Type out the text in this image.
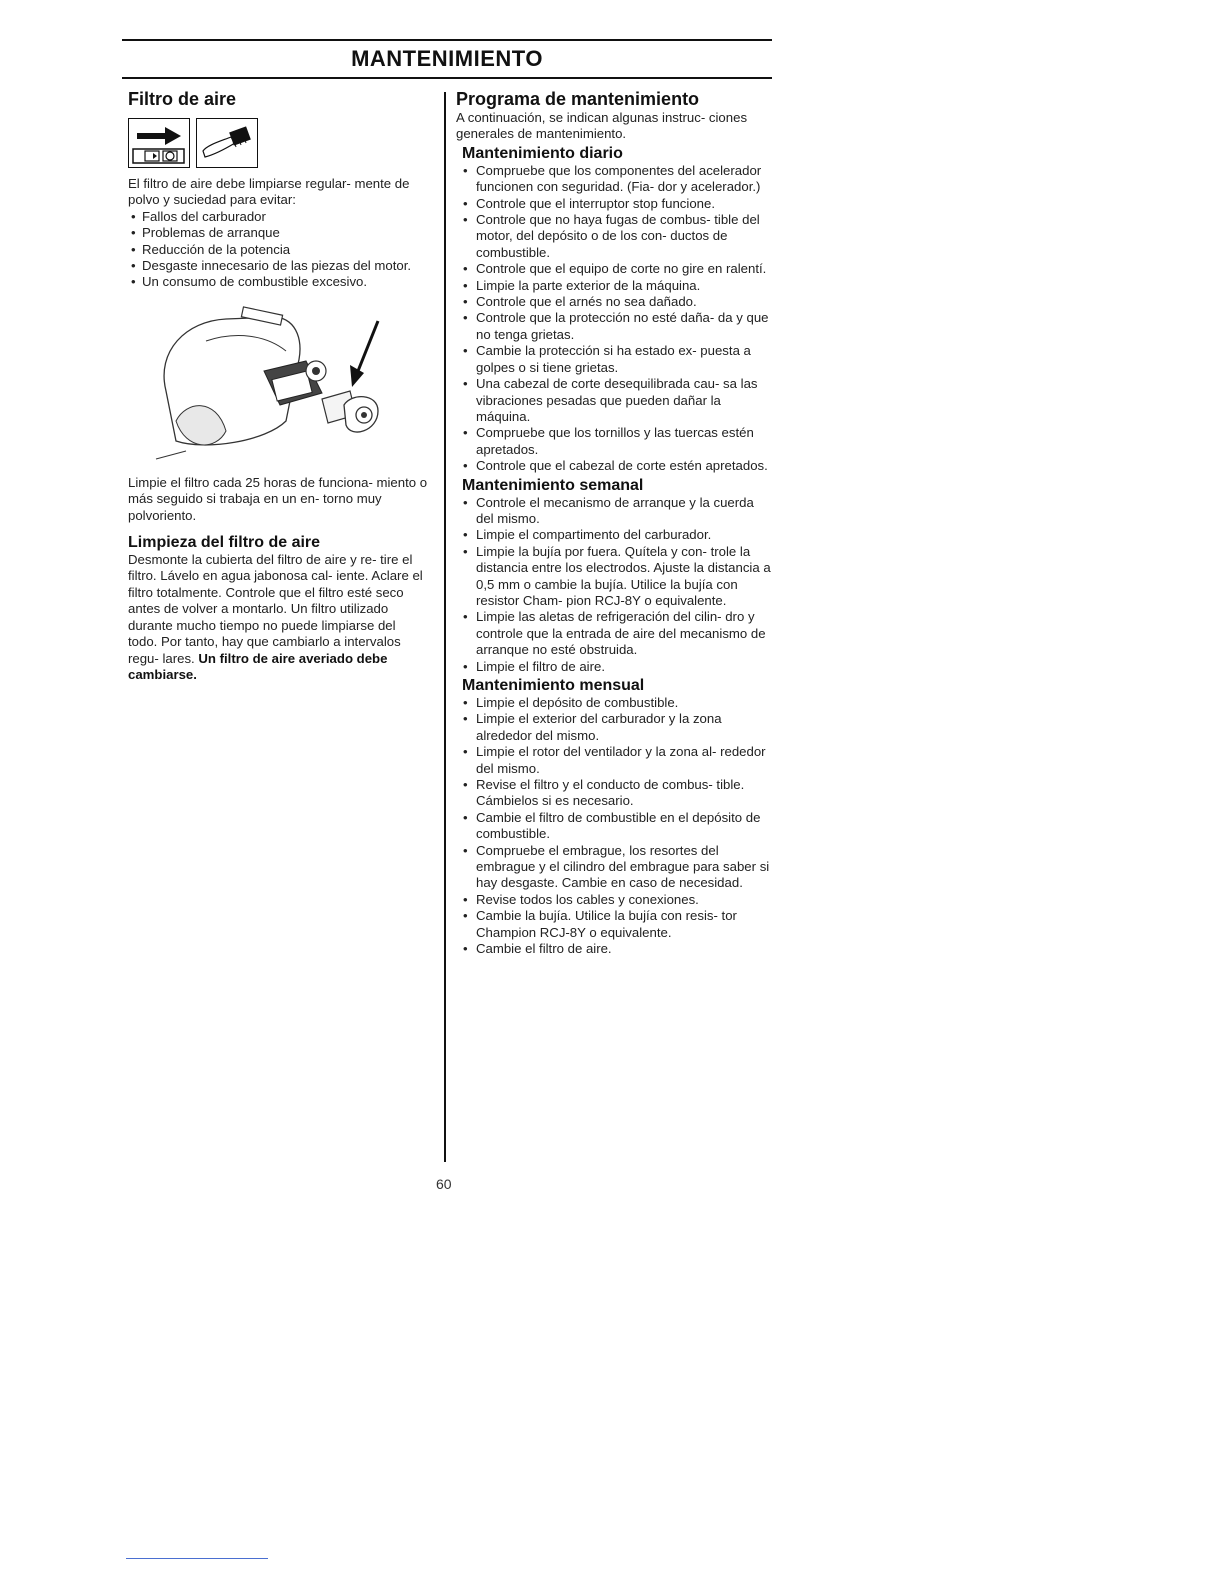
MANTENIMIENTO
Filtro de aire

El filtro de aire debe limpiarse regular- mente de polvo y suciedad para evitar:

• Fallos del carburador
• Problemas de arranque
• Reducción de la potencia
• Desgaste innecesario de las piezas del motor.
• Un consumo de combustible excesivo.

Limpie el filtro cada 25 horas de funciona- miento o más seguido si trabaja en un en- torno muy polvoriento.

Limpieza del filtro de aire

Desmonte la cubierta del filtro de aire y re- tire el filtro. Lávelo en agua jabonosa cal- iente. Aclare el filtro totalmente. Controle que el filtro esté seco antes de volver a montarlo. Un filtro utilizado durante mucho tiempo no puede limpiarse del todo. Por tanto, hay que cambiarlo a intervalos regu- lares. Un filtro de aire averiado debe cambiarse.

Programa de mantenimiento

A continuación, se indican algunas instruc- ciones generales de mantenimiento.

Mantenimiento diario
• Compruebe que los componentes del acelerador funcionen con seguridad. (Fia- dor y acelerador.)
• Controle que el interruptor stop funcione.
• Controle que no haya fugas de combus- tible del motor, del depósito o de los con- ductos de combustible.
• Controle que el equipo de corte no gire en ralentí.
• Limpie la parte exterior de la máquina.
• Controle que el arnés no sea dañado.
• Controle que la protección no esté daña- da y que no tenga grietas.
• Cambie la protección si ha estado ex- puesta a golpes o si tiene grietas.
• Una cabezal de corte desequilibrada cau- sa las vibraciones pesadas que pueden dañar la máquina.
• Compruebe que los tornillos y las tuercas estén apretados.
• Controle que el cabezal de corte estén apretados.
Mantenimiento semanal
• Controle el mecanismo de arranque y la cuerda del mismo.
• Limpie el compartimento del carburador.
• Limpie la bujía por fuera. Quítela y con- trole la distancia entre los electrodos. Ajuste la distancia a 0,5 mm o cambie la bujía. Utilice la bujía con resistor Cham- pion RCJ-8Y o equivalente.
• Limpie las aletas de refrigeración del cilin- dro y controle que la entrada de aire del mecanismo de arranque no esté obstruida.
• Limpie el filtro de aire.
Mantenimiento mensual
• Limpie el depósito de combustible.
• Limpie el exterior del carburador y la zona alrededor del mismo.
• Limpie el rotor del ventilador y la zona al- rededor del mismo.
• Revise el filtro y el conducto de combus- tible. Cámbielos si es necesario.
• Cambie el filtro de combustible en el depósito de combustible.
• Compruebe el embrague, los resortes del embrague y el cilindro del embrague para saber si hay desgaste. Cambie en caso de necesidad.
• Revise todos los cables y conexiones.
• Cambie la bujía. Utilice la bujía con resis- tor Champion RCJ-8Y o equivalente.
• Cambie el filtro de aire.
60
